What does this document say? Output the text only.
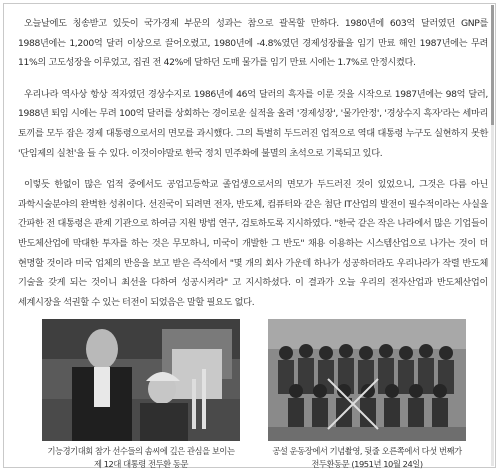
오늘날에도 칭송받고 있듯이 국가경제 부문의 성과는 참으로 괄목할 만하다. 1980년에 603억 달러였던 GNP를 1988년에는 1,200억 달러 이상으로 끌어오렸고, 1980년에 -4.8%였던 경제성장률을 임기 만료 해인 1987년에는 무려 11%의 고도성장을 이루었고, 집권 전 42%에 달하던 도매 물가를 임기 만료 시에는 1.7%로 안정시켰다.

우리나라 역사상 항상 적자였던 경상수지로 1986년에 46억 달러의 흑자를 이룬 것을 시작으로 1987년에는 98억 달러, 1988년 퇴임 시에는 무려 100억 달러를 상회하는 경이로운 실적을 올려 '경제성장', '물가안정', '경상수지 흑자'라는 세마리 토끼를 모두 잡은 경제 대통령으로서의 면모를 과시했다. 그의 특별히 두드러진 업적으로 역대 대통령 누구도 실현하지 못한 '단임제의 실천'을 들 수 있다. 이것이야말로 한국 정치 민주화에 불멸의 초석으로 기록되고 있다.

이렇듯 한없이 많은 업적 중에서도 공업고등학교 졸업생으로서의 면모가 두드러진 것이 있었으니, 그것은 다름 아닌 과학시술분야의 완벽한 성취이다. 선진국이 되려면 전자, 반도체, 컴퓨터와 같은 첨단 IT산업의 발전이 필수적이라는 사실을 간파한 전 대통령은 관계 기관으로 하여금 지원 방법 연구, 검토하도록 지시하였다. "한국 같은 작은 나라에서 많은 기업들이 반도체산업에 막대한 투자를 하는 것은 무모하니, 미국이 개발한 그 반도" 채용 이용하는 시스템산업으로 나가는 것이 더 현명할 것이라 미국 업체의 반응을 보고 받은 즉석에서 "몇 개의 회사 가운데 하나가 성공하더라도 우리나라가 작렬 반도체 기술을 갖게 되는 것이니 최선을 다하여 성공시켜라" 고 지시하셨다. 이 결과가 오늘 우리의 전자산업과 반도체산업이 세계시장을 석권할 수 있는 터전이 되었음은 말할 필요도 없다.

기능경기대회 참가 선수들의 솜씨에 깊은 관심을 보이는
제 12대 대통령 전두환 동문
공설 운동장에서 기념촬영, 뒷줄 오른쪽에서 다섯 번째가
전두환동문 (1951년 10월 24일)
